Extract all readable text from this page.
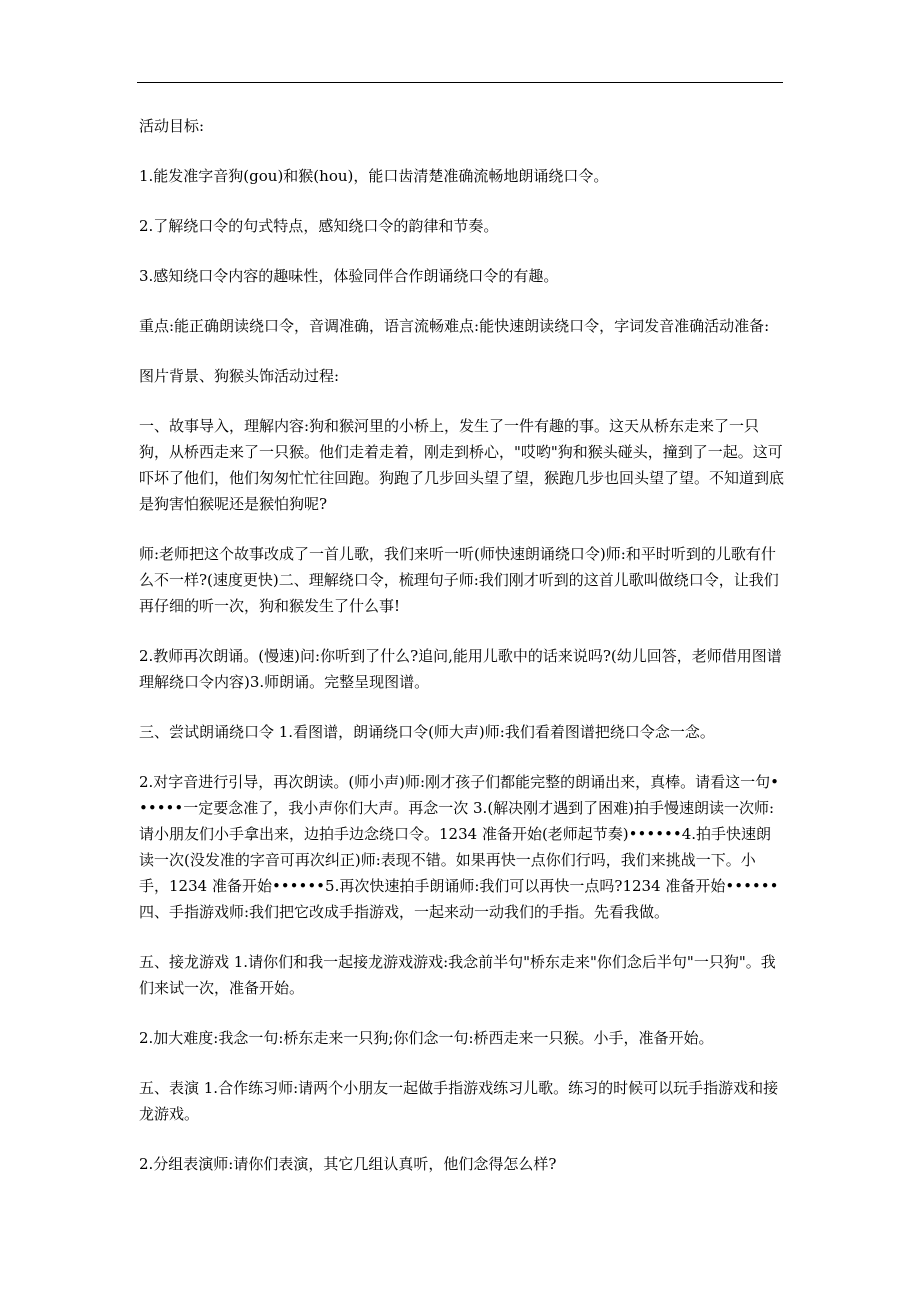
活动目标:

1.能发准字音狗(gou)和猴(hou)，能口齿清楚准确流畅地朗诵绕口令。

2.了解绕口令的句式特点，感知绕口令的韵律和节奏。

3.感知绕口令内容的趣味性，体验同伴合作朗诵绕口令的有趣。

重点:能正确朗读绕口令，音调准确，语言流畅难点:能快速朗读绕口令，字词发音准确活动准备:

图片背景、狗猴头饰活动过程:

一、故事导入，理解内容:狗和猴河里的小桥上，发生了一件有趣的事。这天从桥东走来了一只狗，从桥西走来了一只猴。他们走着走着，刚走到桥心，"哎哟"狗和猴头碰头，撞到了一起。这可吓坏了他们，他们匆匆忙忙往回跑。狗跑了几步回头望了望，猴跑几步也回头望了望。不知道到底是狗害怕猴呢还是猴怕狗呢?

师:老师把这个故事改成了一首儿歌，我们来听一听(师快速朗诵绕口令)师:和平时听到的儿歌有什么不一样?(速度更快)二、理解绕口令，梳理句子师:我们刚才听到的这首儿歌叫做绕口令，让我们再仔细的听一次，狗和猴发生了什么事!

2.教师再次朗诵。(慢速)问:你听到了什么?追问,能用儿歌中的话来说吗?(幼儿回答，老师借用图谱理解绕口令内容)3.师朗诵。完整呈现图谱。

三、尝试朗诵绕口令 1.看图谱，朗诵绕口令(师大声)师:我们看着图谱把绕口令念一念。

2.对字音进行引导，再次朗读。(师小声)师:刚才孩子们都能完整的朗诵出来，真棒。请看这一句••••••一定要念准了，我小声你们大声。再念一次 3.(解决刚才遇到了困难)拍手慢速朗读一次师:请小朋友们小手拿出来，边拍手边念绕口令。1234 准备开始(老师起节奏)••••••4.拍手快速朗读一次(没发准的字音可再次纠正)师:表现不错。如果再快一点你们行吗，我们来挑战一下。小手，1234 准备开始••••••5.再次快速拍手朗诵师:我们可以再快一点吗?1234 准备开始••••••四、手指游戏师:我们把它改成手指游戏，一起来动一动我们的手指。先看我做。

五、接龙游戏 1.请你们和我一起接龙游戏游戏:我念前半句"桥东走来"你们念后半句"一只狗"。我们来试一次，准备开始。

2.加大难度:我念一句:桥东走来一只狗;你们念一句:桥西走来一只猴。小手，准备开始。

五、表演 1.合作练习师:请两个小朋友一起做手指游戏练习儿歌。练习的时候可以玩手指游戏和接龙游戏。

2.分组表演师:请你们表演，其它几组认真听，他们念得怎么样?
